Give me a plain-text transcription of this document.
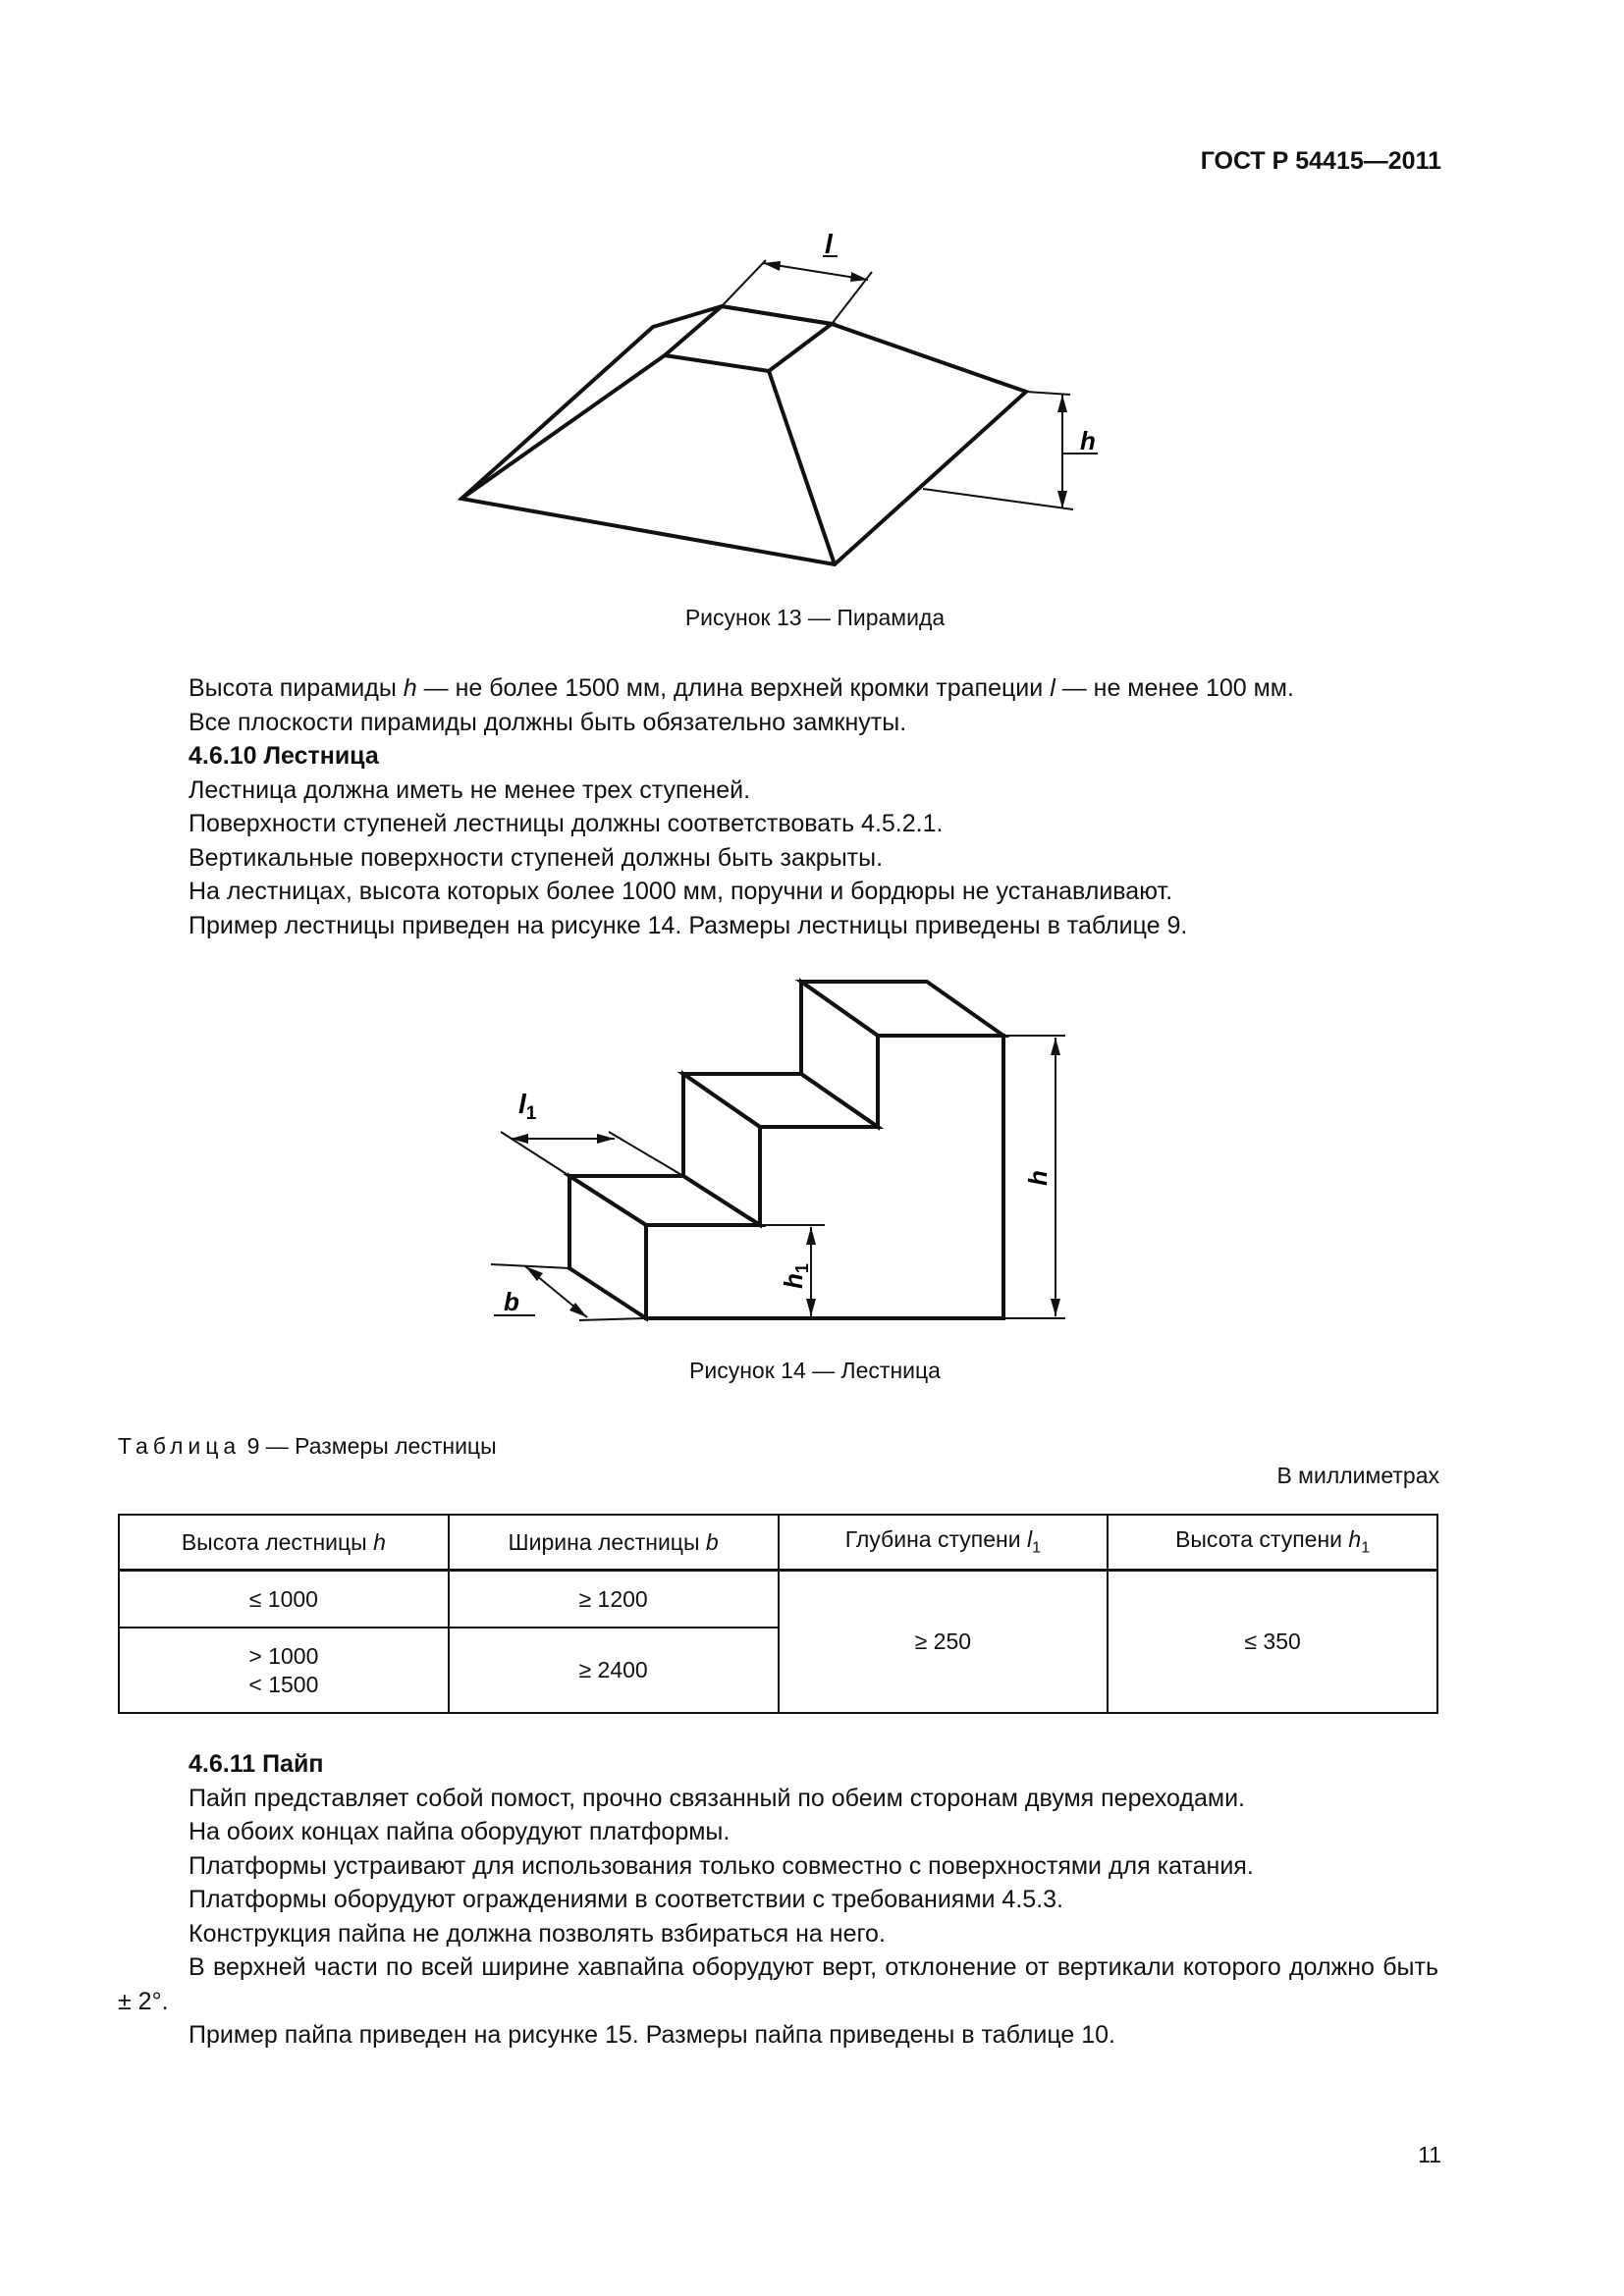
ГОСТ Р 54415—2011
l
h
Рисунок 13 — Пирамида
Высота пирамиды h — не более 1500 мм, длина верхней кромки трапеции l — не менее 100 мм.
Все плоскости пирамиды должны быть обязательно замкнуты.
4.6.10 Лестница
Лестница должна иметь не менее трех ступеней.
Поверхности ступеней лестницы должны соответствовать 4.5.2.1.
Вертикальные поверхности ступеней должны быть закрыты.
На лестницах, высота которых более 1000 мм, поручни и бордюры не устанавливают.
Пример лестницы приведен на рисунке 14. Размеры лестницы приведены в таблице 9.
$l_1$
h
$h_1$
b
Рисунок 14 — Лестница
Таблица 9 — Размеры лестницы
В миллиметрах
Высота лестницы h	Ширина лестницы b	Глубина ступени $l_1$	Высота ступени $h_1$
≤ 1000	≥ 1200	≥ 250	≤ 350

> 1000
< 1500	≥ 2400		
4.6.11 Пайп
Пайп представляет собой помост, прочно связанный по обеим сторонам двумя переходами.
На обоих концах пайпа оборудуют платформы.
Платформы устраивают для использования только совместно с поверхностями для катания.
Платформы оборудуют ограждениями в соответствии с требованиями 4.5.3.
Конструкция пайпа не должна позволять взбираться на него.
В верхней части по всей ширине хавпайпа оборудуют верт, отклонение от вертикали которого должно быть ± 2°.
Пример пайпа приведен на рисунке 15. Размеры пайпа приведены в таблице 10.
11
